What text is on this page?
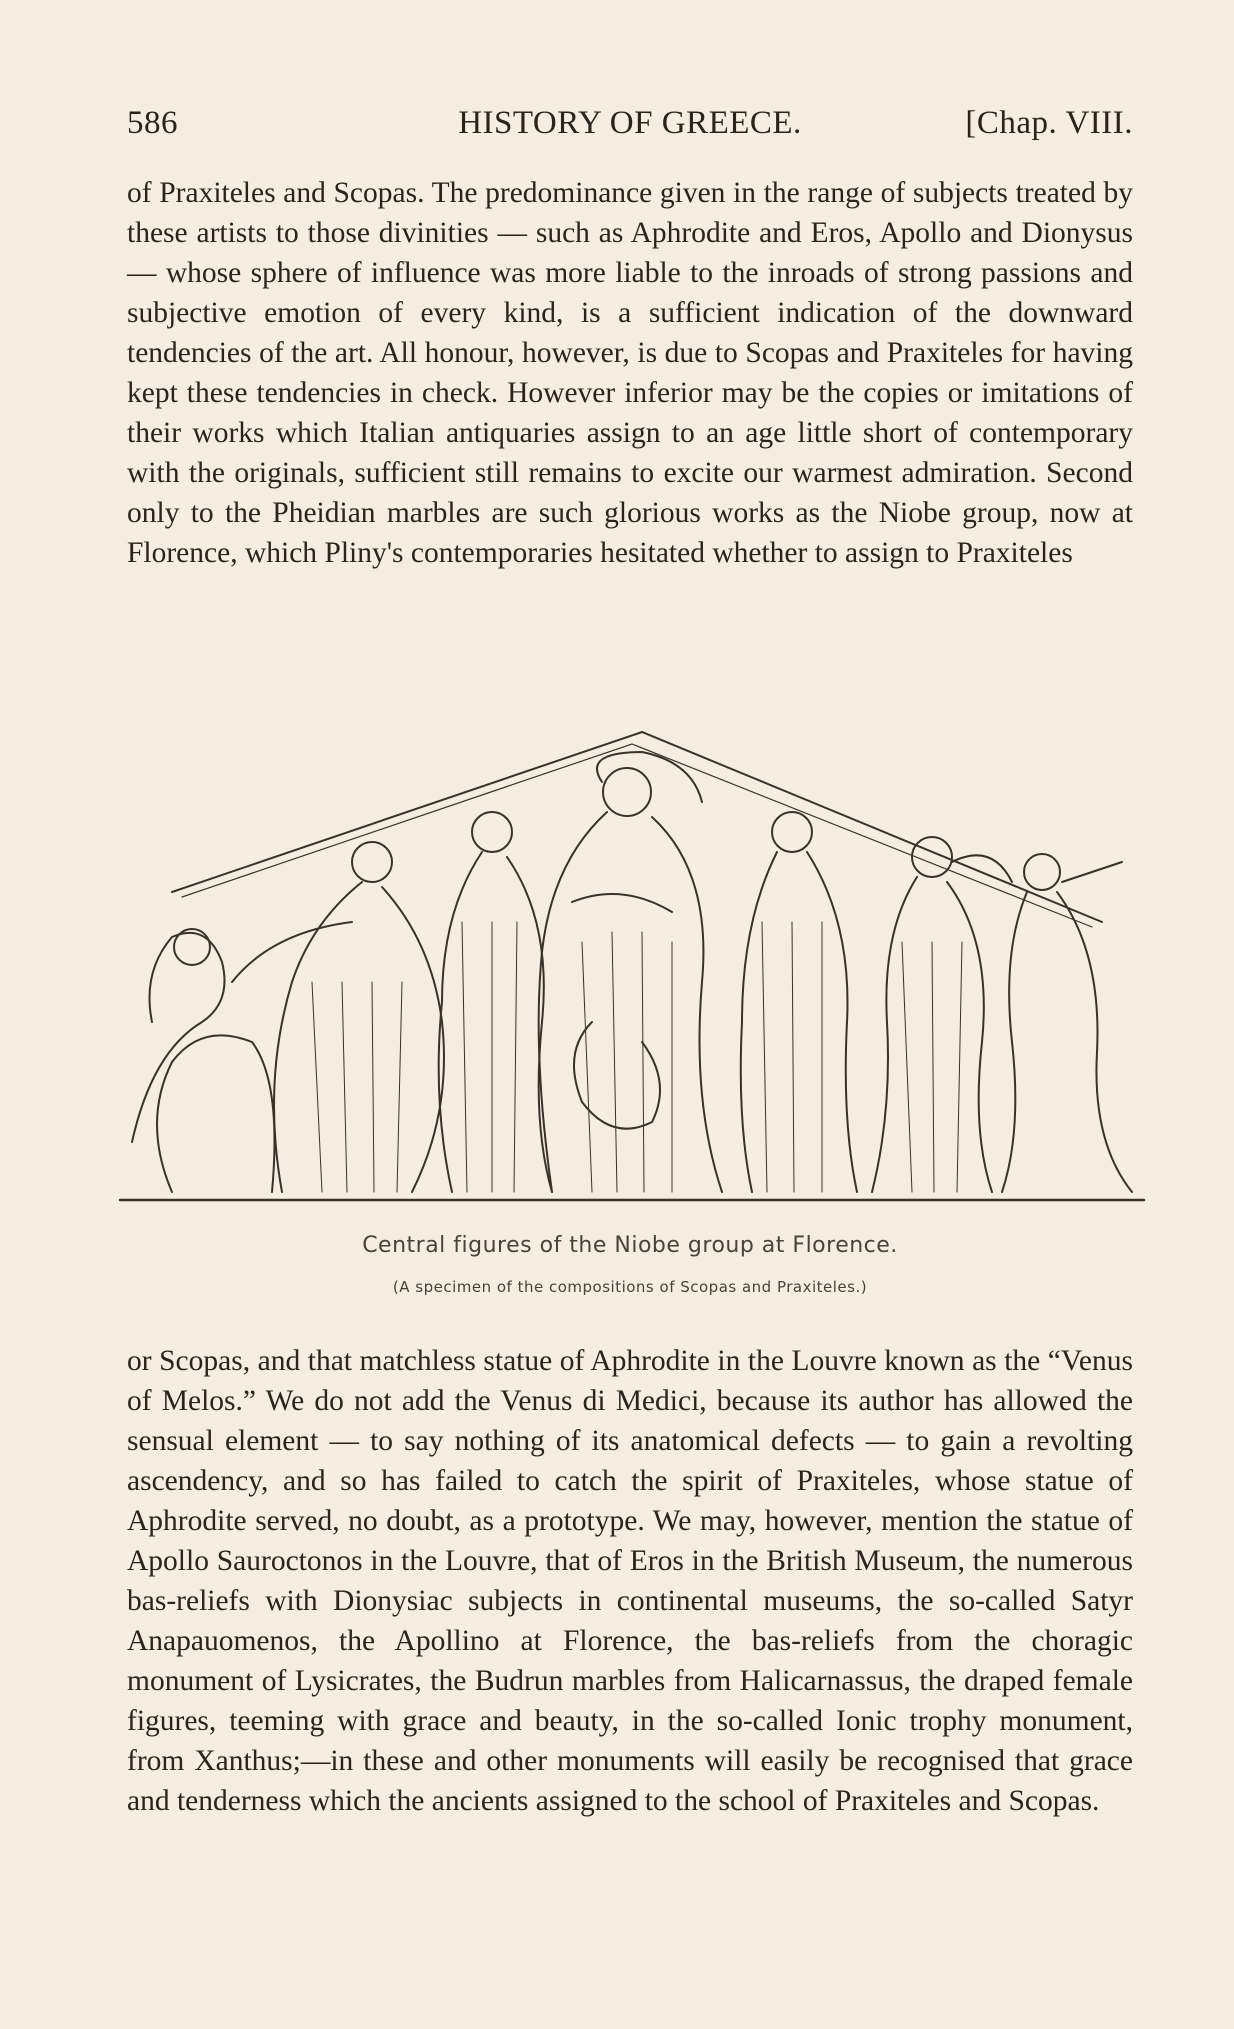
586	HISTORY OF GREECE.	[Chap. VIII.

of Praxiteles and Scopas. The predominance given in the range of subjects treated by these artists to those divinities — such as Aphrodite and Eros, Apollo and Dionysus — whose sphere of influence was more liable to the inroads of strong passions and subjective emotion of every kind, is a sufficient indication of the downward tendencies of the art. All honour, however, is due to Scopas and Praxiteles for having kept these tendencies in check. However inferior may be the copies or imitations of their works which Italian antiquaries assign to an age little short of contemporary with the originals, sufficient still remains to excite our warmest admiration. Second only to the Pheidian marbles are such glorious works as the Niobe group, now at Florence, which Pliny's contemporaries hesitated whether to assign to Praxiteles

Central figures of the Niobe group at Florence.

(A specimen of the compositions of Scopas and Praxiteles.)

or Scopas, and that matchless statue of Aphrodite in the Louvre known as the “Venus of Melos.” We do not add the Venus di Medici, because its author has allowed the sensual element — to say nothing of its anatomical defects — to gain a revolting ascendency, and so has failed to catch the spirit of Praxiteles, whose statue of Aphrodite served, no doubt, as a prototype. We may, however, mention the statue of Apollo Sauroctonos in the Louvre, that of Eros in the British Museum, the numerous bas-reliefs with Dionysiac subjects in continental museums, the so-called Satyr Anapauomenos, the Apollino at Florence, the bas-reliefs from the choragic monument of Lysicrates, the Budrun marbles from Halicarnassus, the draped female figures, teeming with grace and beauty, in the so-called Ionic trophy monument, from Xanthus;—in these and other monuments will easily be recognised that grace and tenderness which the ancients assigned to the school of Praxiteles and Scopas.
